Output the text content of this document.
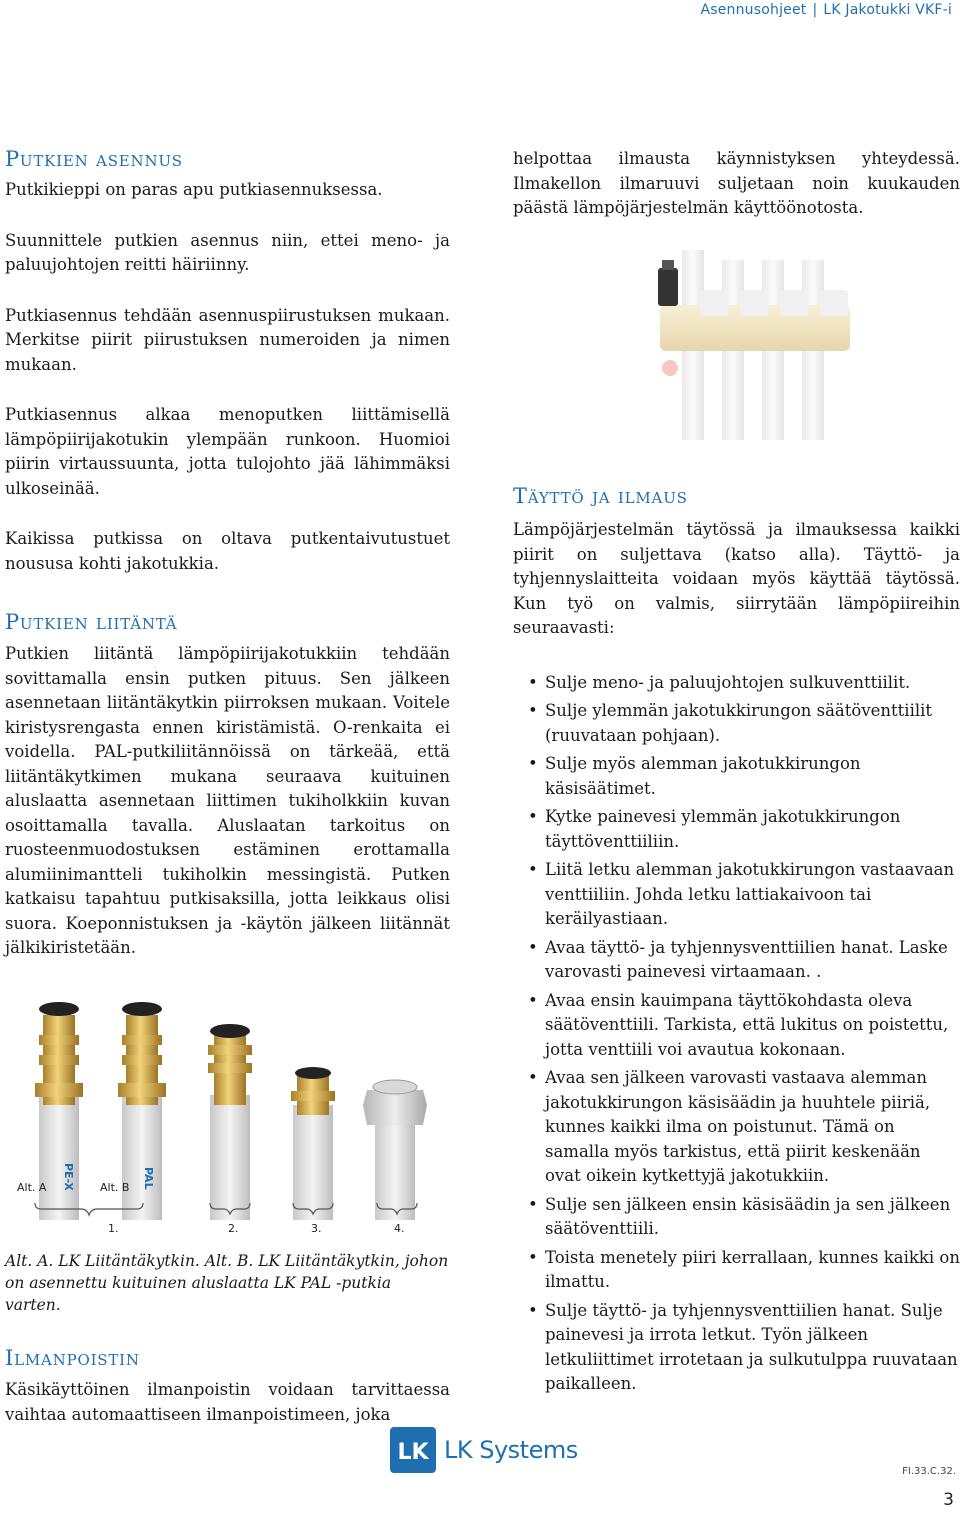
Asennusohjeet | LK Jakotukki VKF-i
Putkien asennus

Putkikieppi on paras apu putkiasennuksessa.

Suunnittele putkien asennus niin, ettei meno- ja paluujohtojen reitti häiriinny.

Putkiasennus tehdään asennuspiirustuksen mukaan. Merkitse piirit piirustuksen numeroiden ja nimen mukaan.

Putkiasennus alkaa menoputken liittämisellä lämpöpiirijakotukin ylempään runkoon. Huomioi piirin virtaussuunta, jotta tulojohto jää lähimmäksi ulkoseinää.

Kaikissa putkissa on oltava putkentaivutustuet noususa kohti jakotukkia.

Putkien liitäntä

Putkien liitäntä lämpöpiirijakotukkiin tehdään sovittamalla ensin putken pituus. Sen jälkeen asennetaan liitäntäkytkin piirroksen mukaan. Voitele kiristysrengasta ennen kiristämistä. O-renkaita ei voidella. PAL-putkiliitännöissä on tärkeää, että liitäntäkytkimen mukana seuraava kuituinen aluslaatta asennetaan liittimen tukiholkkiin kuvan osoittamalla tavalla. Aluslaatan tarkoitus on ruosteenmuodostuksen estäminen erottamalla alumiinimantteli tukiholkin messingistä. Putken katkaisu tapahtuu putkisaksilla, jotta leikkaus olisi suora. Koeponnistuksen ja -käytön jälkeen liitännät jälkikiristetään.

Alt. A PE-X Alt. B PAL
1.	2.	3.	4.

Alt. A. LK Liitäntäkytkin. Alt. B. LK Liitäntäkytkin, johon on asennettu kuituinen aluslaatta LK PAL -putkia varten.

Ilmanpoistin

Käsikäyttöinen ilmanpoistin voidaan tarvittaessa vaihtaa automaattiseen ilmanpoistimeen, joka

helpottaa ilmausta käynnistyksen yhteydessä. Ilmakellon ilmaruuvi suljetaan noin kuukauden päästä lämpöjärjestelmän käyttöönotosta.

Täyttö ja ilmaus

Lämpöjärjestelmän täytössä ja ilmauksessa kaikki piirit on suljettava (katso alla). Täyttö- ja tyhjennyslaitteita voidaan myös käyttää täytössä. Kun työ on valmis, siirrytään lämpöpiireihin seuraavasti:

• Sulje meno- ja paluujohtojen sulkuventtiilit.
• Sulje ylemmän jakotukkirungon säätöventtiilit (ruuvataan pohjaan).
• Sulje myös alemman jakotukkirungon käsisäätimet.
• Kytke painevesi ylemmän jakotukkirungon täyttöventtiiliin.
• Liitä letku alemman jakotukkirungon vastaavaan venttiiliin. Johda letku lattiakaivoon tai keräilyastiaan.
• Avaa täyttö- ja tyhjennysventtiilien hanat. Laske varovasti painevesi virtaamaan. .
• Avaa ensin kauimpana täyttökohdasta oleva säätöventtiili. Tarkista, että lukitus on poistettu, jotta venttiili voi avautua kokonaan.
• Avaa sen jälkeen varovasti vastaava alemman jakotukkirungon käsisäädin ja huuhtele piiriä, kunnes kaikki ilma on poistunut. Tämä on samalla myös tarkistus, että piirit keskenään ovat oikein kytkettyjä jakotukkiin.
• Sulje sen jälkeen ensin käsisäädin ja sen jälkeen säätöventtiili.
• Toista menetely piiri kerrallaan, kunnes kaikki on ilmattu.
• Sulje täyttö- ja tyhjennysventtiilien hanat. Sulje painevesi ja irrota letkut. Työn jälkeen letkuliittimet irrotetaan ja sulkutulppa ruuvataan paikalleen.
LK LK Systems
FI.33.C.32.
3
